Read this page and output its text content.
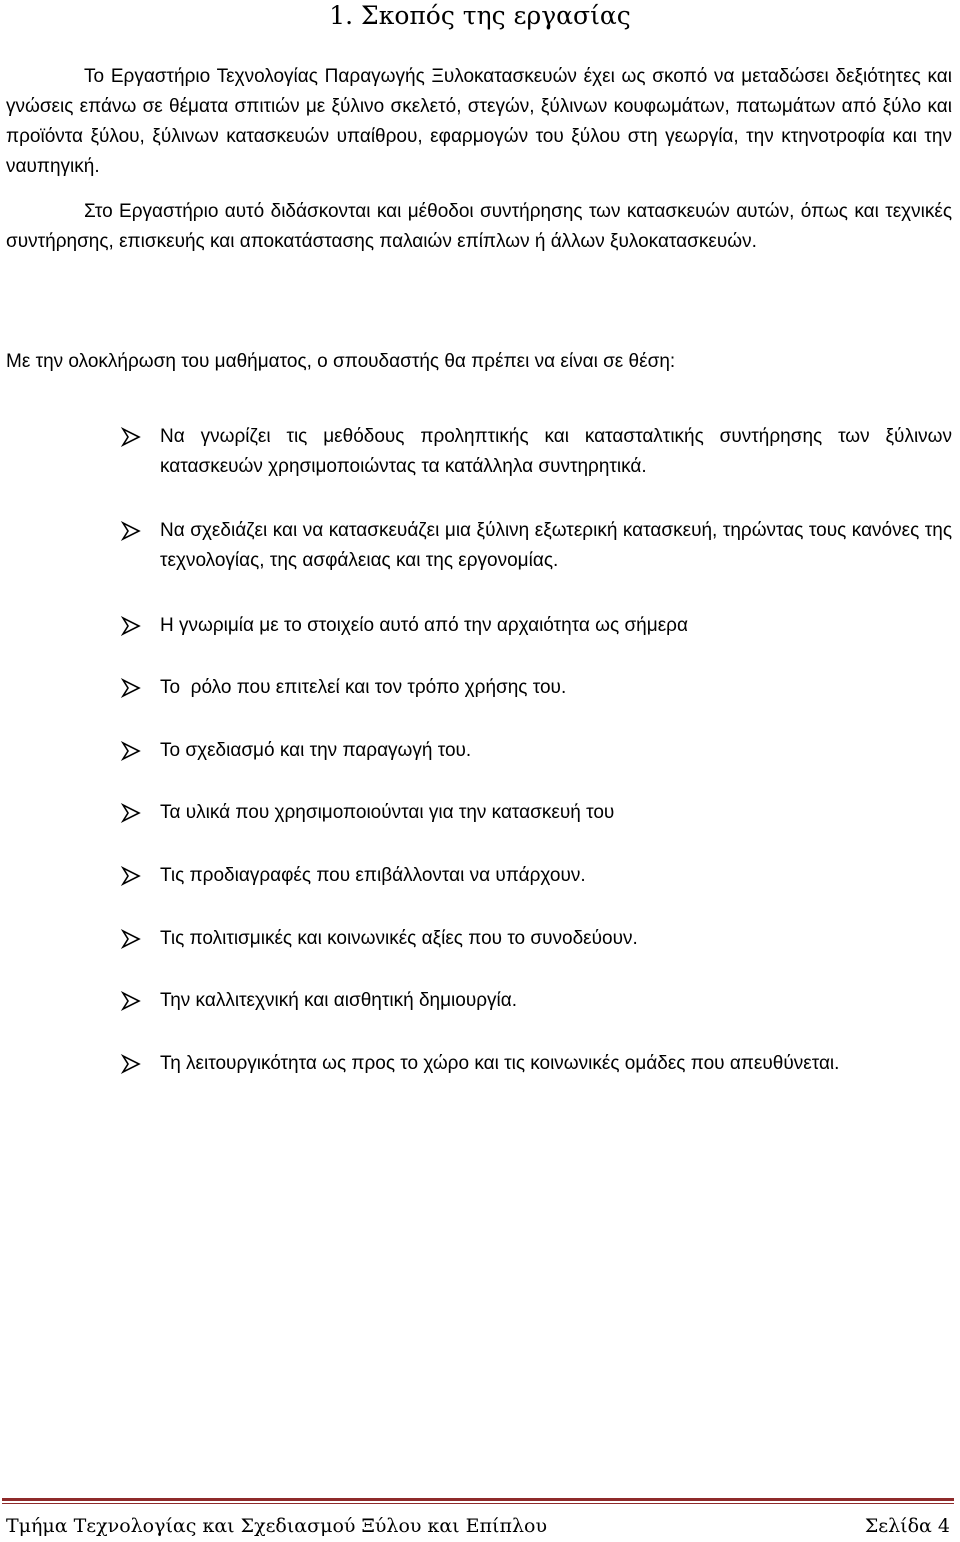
1. Σκοπός της εργασίας

Το Εργαστήριο Τεχνολογίας Παραγωγής Ξυλοκατασκευών έχει ως σκοπό να μεταδώσει δεξιότητες και γνώσεις επάνω σε θέματα σπιτιών με ξύλινο σκελετό, στεγών, ξύλινων κουφωμάτων, πατωμάτων από ξύλο και προϊόντα ξύλου, ξύλινων κατασκευών υπαίθρου, εφαρμογών του ξύλου στη γεωργία, την κτηνοτροφία και την ναυπηγική.

Στο Εργαστήριο αυτό διδάσκονται και μέθοδοι συντήρησης των κατασκευών αυτών, όπως και τεχνικές συντήρησης, επισκευής και αποκατάστασης παλαιών επίπλων ή άλλων ξυλοκατασκευών.

Με την ολοκλήρωση του μαθήματος, ο σπουδαστής θα πρέπει να είναι σε θέση:

Να γνωρίζει τις μεθόδους προληπτικής και κατασταλτικής συντήρησης των ξύλινων κατασκευών χρησιμοποιώντας τα κατάλληλα συντηρητικά.
Να σχεδιάζει και να κατασκευάζει μια ξύλινη εξωτερική κατασκευή, τηρώντας τους κανόνες της τεχνολογίας, της ασφάλειας και της εργονομίας.
Η γνωριμία με το στοιχείο αυτό από την αρχαιότητα ως σήμερα
Το  ρόλο που επιτελεί και τον τρόπο χρήσης του.
Το σχεδιασμό και την παραγωγή του.
Τα υλικά που χρησιμοποιούνται για την κατασκευή του
Τις προδιαγραφές που επιβάλλονται να υπάρχουν.
Τις πολιτισμικές και κοινωνικές αξίες που το συνοδεύουν.
Την καλλιτεχνική και αισθητική δημιουργία.
Τη λειτουργικότητα ως προς το χώρο και τις κοινωνικές ομάδες που απευθύνεται.
Τμήμα Τεχνολογίας και Σχεδιασμού Ξύλου και Επίπλου	Σελίδα 4
